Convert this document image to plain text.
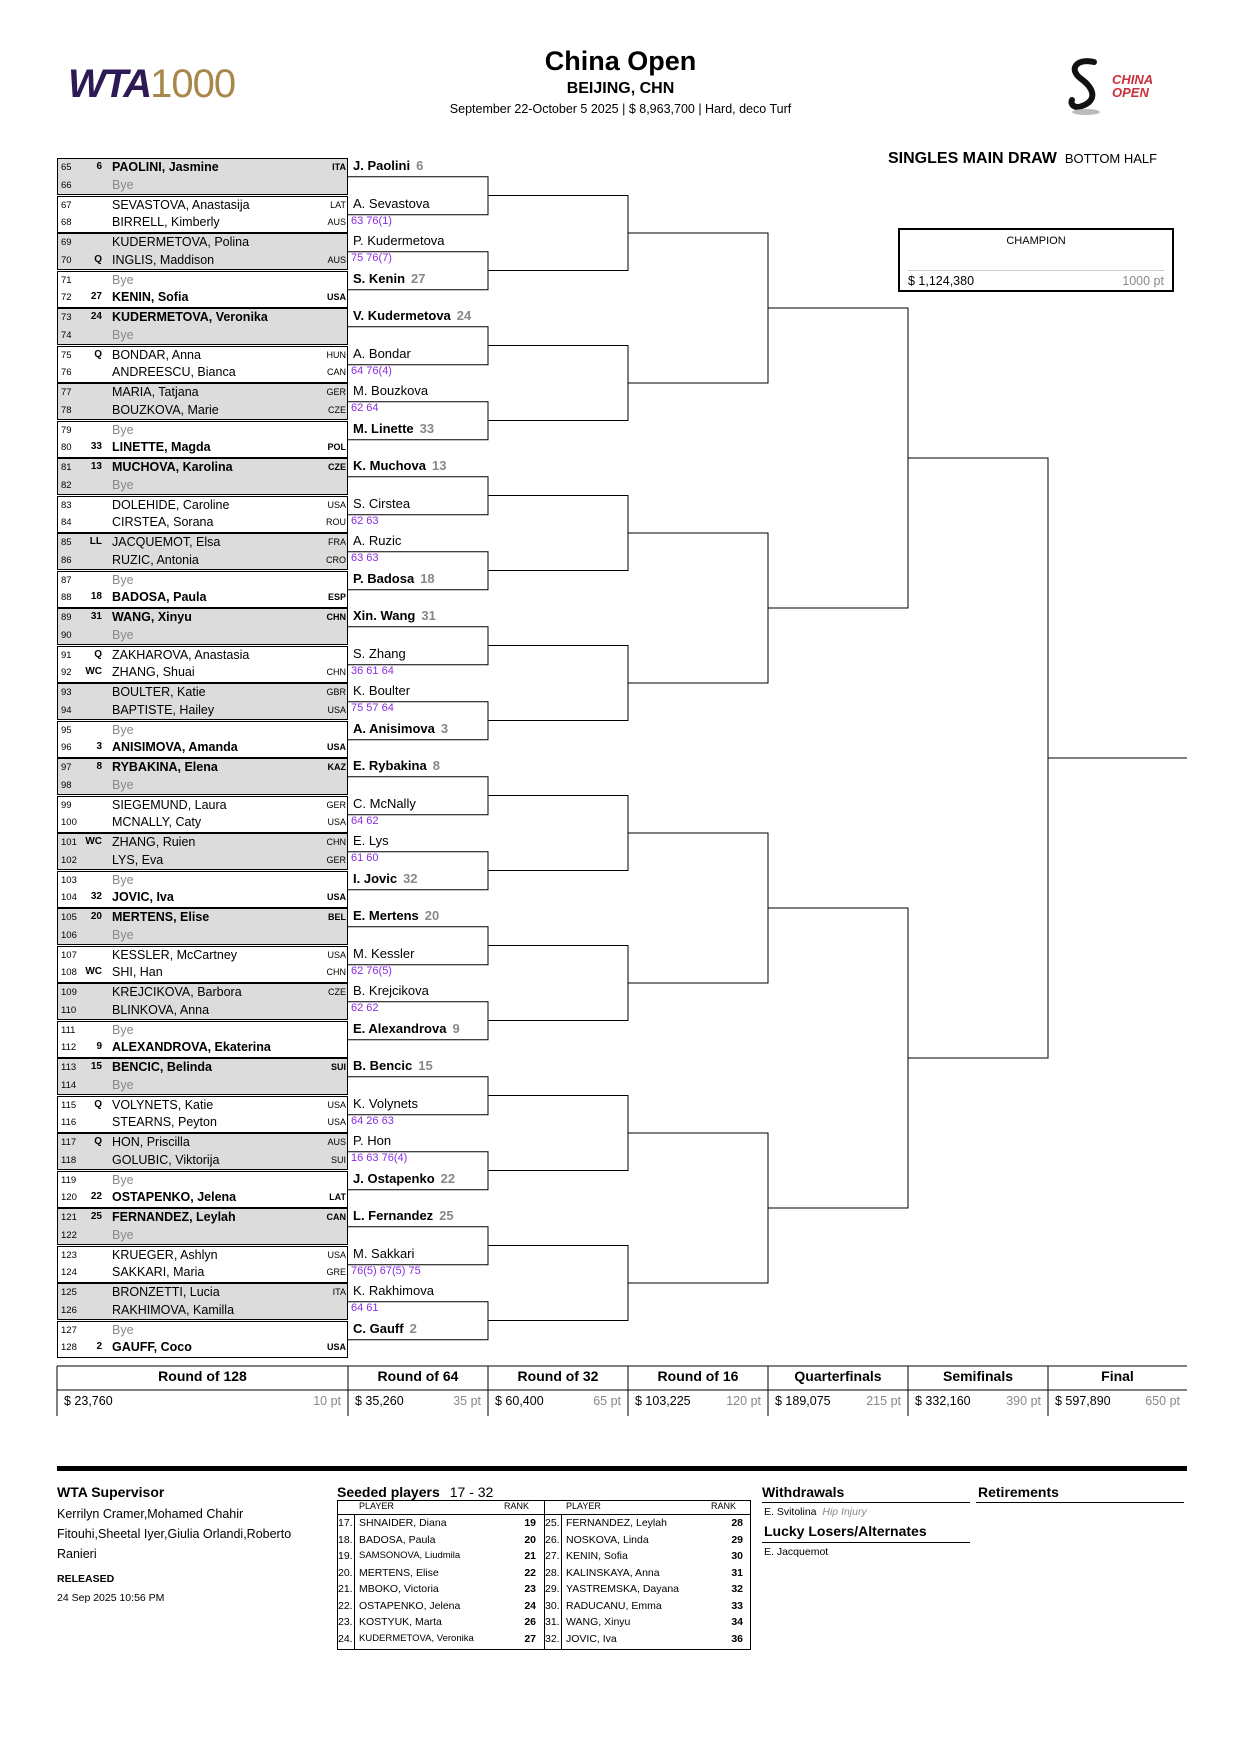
WTA1000
China Open
BEIJING, CHN
September 22-October 5 2025 | $ 8,963,700 | Hard, deco Turf
CHINA
OPEN
SINGLES MAIN DRAW BOTTOM HALF
CHAMPION
$ 1,124,380	1000 pt
65	6 PAOLINI, Jasmine	ITA
66	Bye
67	SEVASTOVA, Anastasija	LAT
68	BIRRELL, Kimberly	AUS
69	KUDERMETOVA, Polina
70	Q INGLIS, Maddison	AUS
71	Bye
72	27 KENIN, Sofia	USA
73	24 KUDERMETOVA, Veronika
74	Bye
75	Q BONDAR, Anna	HUN
76	ANDREESCU, Bianca	CAN
77	MARIA, Tatjana	GER
78	BOUZKOVA, Marie	CZE
79	Bye
80	33 LINETTE, Magda	POL
81	13 MUCHOVA, Karolina	CZE
82	Bye
83	DOLEHIDE, Caroline	USA
84	CIRSTEA, Sorana	ROU
85	LL JACQUEMOT, Elsa	FRA
86	RUZIC, Antonia	CRO
87	Bye
88	18 BADOSA, Paula	ESP
89	31 WANG, Xinyu	CHN
90	Bye
91	Q ZAKHAROVA, Anastasia
92	WC ZHANG, Shuai	CHN
93	BOULTER, Katie	GBR
94	BAPTISTE, Hailey	USA
95	Bye
96	3 ANISIMOVA, Amanda	USA
97	8 RYBAKINA, Elena	KAZ
98	Bye
99	SIEGEMUND, Laura	GER
100	MCNALLY, Caty	USA
101 WC ZHANG, Ruien	CHN
102	LYS, Eva	GER
103	Bye
104	32 JOVIC, Iva	USA
105	20 MERTENS, Elise	BEL
106	Bye
107	KESSLER, McCartney	USA
108 WC SHI, Han	CHN
109	KREJCIKOVA, Barbora	CZE
110	BLINKOVA, Anna
111	Bye
112	9 ALEXANDROVA, Ekaterina
113	15 BENCIC, Belinda	SUI
114	Bye
115	Q VOLYNETS, Katie	USA
116	STEARNS, Peyton	USA
117	Q HON, Priscilla	AUS
118	GOLUBIC, Viktorija	SUI
119	Bye
120	22 OSTAPENKO, Jelena	LAT
121	25 FERNANDEZ, Leylah	CAN
122	Bye
123	KRUEGER, Ashlyn	USA
124	SAKKARI, Maria	GRE
125	BRONZETTI, Lucia	ITA
126	RAKHIMOVA, Kamilla
127	Bye
128	2 GAUFF, Coco	USA
J. Paolini 6
A. Sevastova
63 76(1)
P. Kudermetova
75 76(7)
S. Kenin 27
V. Kudermetova 24
A. Bondar
64 76(4)
M. Bouzkova
62 64
M. Linette 33
K. Muchova 13
S. Cirstea
62 63
A. Ruzic
63 63
P. Badosa 18
Xin. Wang 31
S. Zhang
36 61 64
K. Boulter
75 57 64
A. Anisimova 3
E. Rybakina 8
C. McNally
64 62
E. Lys
61 60
I. Jovic 32
E. Mertens 20
M. Kessler
62 76(5)
B. Krejcikova
62 62
E. Alexandrova 9
B. Bencic 15
K. Volynets
64 26 63
P. Hon
16 63 76(4)
J. Ostapenko 22
L. Fernandez 25
M. Sakkari
76(5) 67(5) 75
K. Rakhimova
64 61
C. Gauff 2
Round of 128
$ 23,760	10 pt
Round of 64
$ 35,260	35 pt
Round of 32
$ 60,400	65 pt
Round of 16
$ 103,225	120 pt
Quarterfinals
$ 189,075	215 pt
Semifinals
$ 332,160	390 pt
Final
$ 597,890	650 pt
WTA Supervisor
Kerrilyn Cramer,Mohamed Chahir
Fitouhi,Sheetal Iyer,Giulia Orlandi,Roberto
Ranieri
RELEASED
24 Sep 2025 10:56 PM
Seeded players 17 - 32
PLAYER	RANK
17. SHNAIDER, Diana	19
18. BADOSA, Paula	20
19. SAMSONOVA, Liudmila	21
20. MERTENS, Elise	22
21. MBOKO, Victoria	23
22. OSTAPENKO, Jelena	24
23. KOSTYUK, Marta	26
24. KUDERMETOVA, Veronika	27
PLAYER	RANK
25. FERNANDEZ, Leylah	28
26. NOSKOVA, Linda	29
27. KENIN, Sofia	30
28. KALINSKAYA, Anna	31
29. YASTREMSKA, Dayana	32
30. RADUCANU, Emma	33
31. WANG, Xinyu	34
32. JOVIC, Iva	36
Withdrawals
E. Svitolina Hip Injury
Lucky Losers/Alternates
E. Jacquemot
Retirements
